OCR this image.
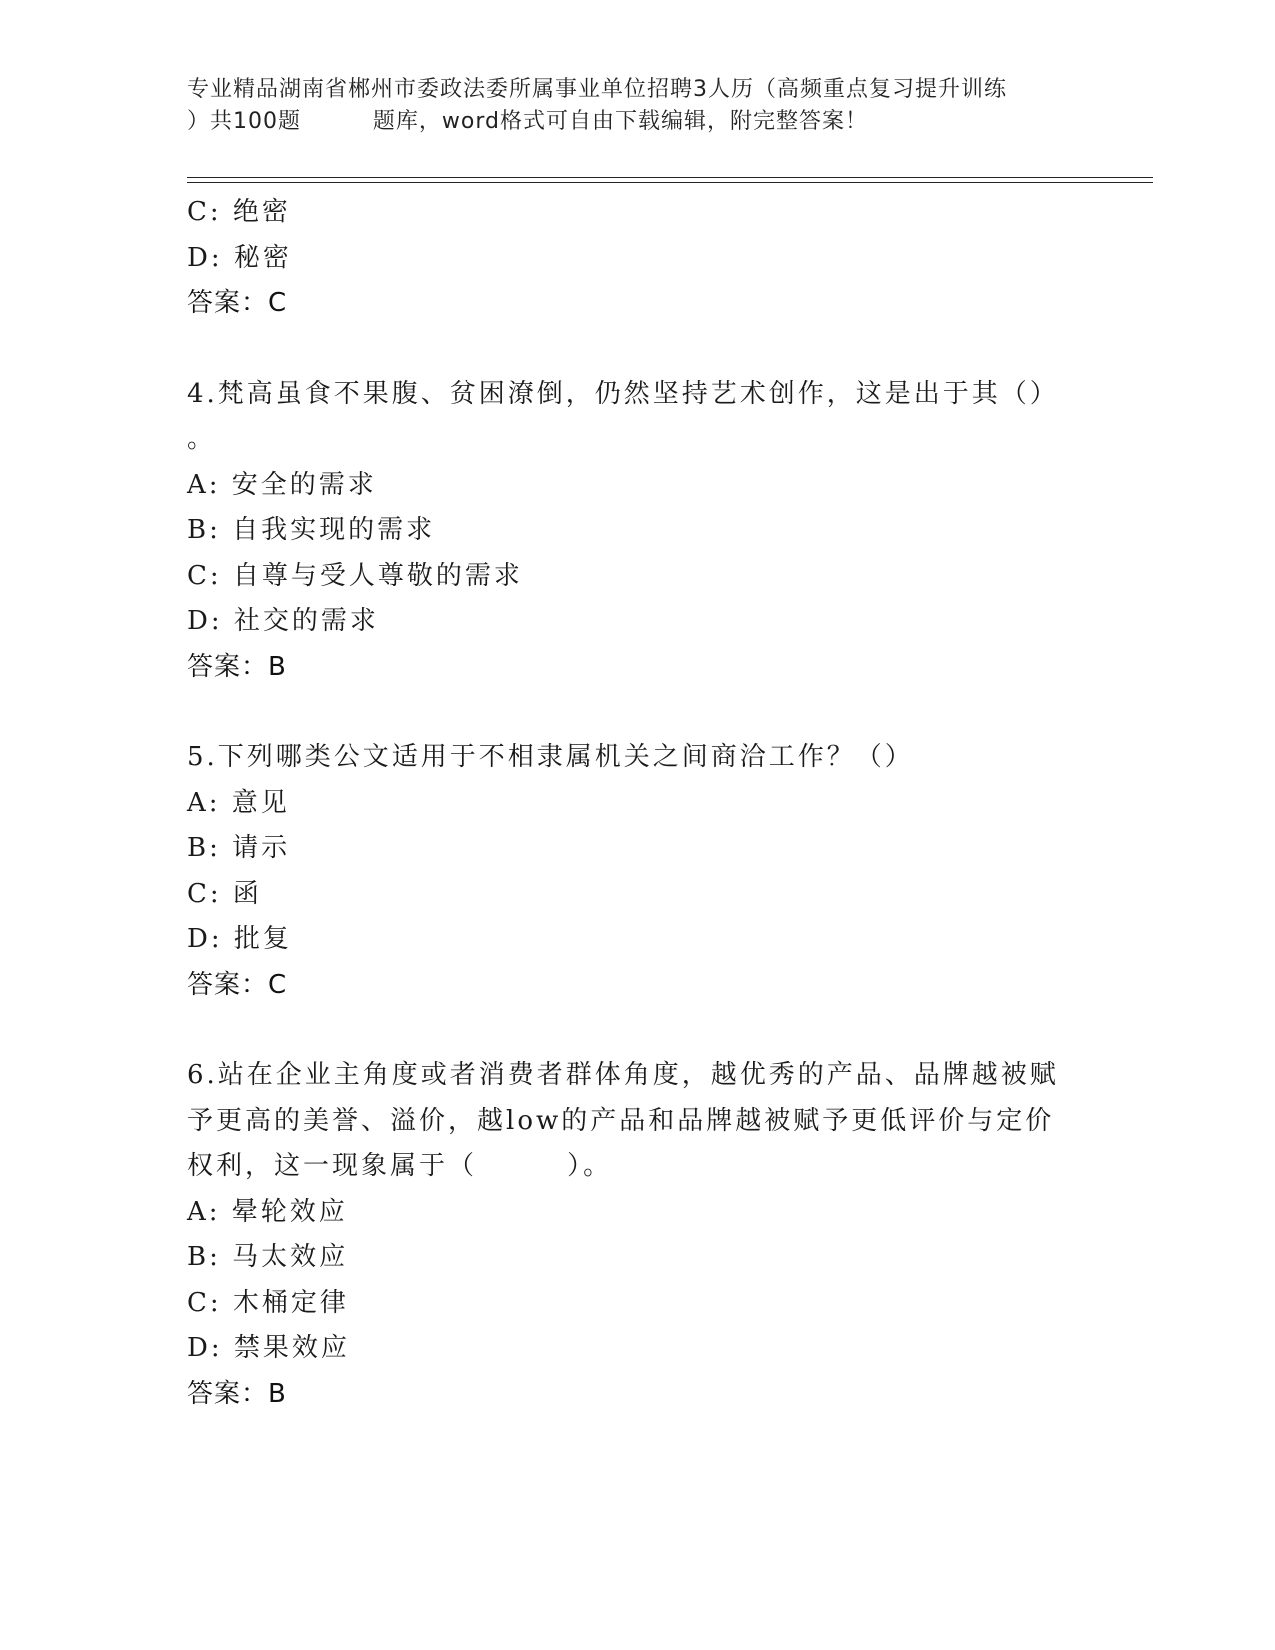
专业精品湖南省郴州市委政法委所属事业单位招聘3人历（高频重点复习提升训练
）共100题         题库，word格式可自由下载编辑，附完整答案！
C: 绝密
D: 秘密
答案：C
4.梵高虽食不果腹、贫困潦倒，仍然坚持艺术创作，这是出于其（）
。
A: 安全的需求
B: 自我实现的需求
C: 自尊与受人尊敬的需求
D: 社交的需求
答案：B
5.下列哪类公文适用于不相隶属机关之间商洽工作？（）
A: 意见
B: 请示
C: 函
D: 批复
答案：C
6.站在企业主角度或者消费者群体角度，越优秀的产品、品牌越被赋
予更高的美誉、溢价，越low的产品和品牌越被赋予更低评价与定价
权利，这一现象属于（        ）。
A: 晕轮效应
B: 马太效应
C: 木桶定律
D: 禁果效应
答案：B
